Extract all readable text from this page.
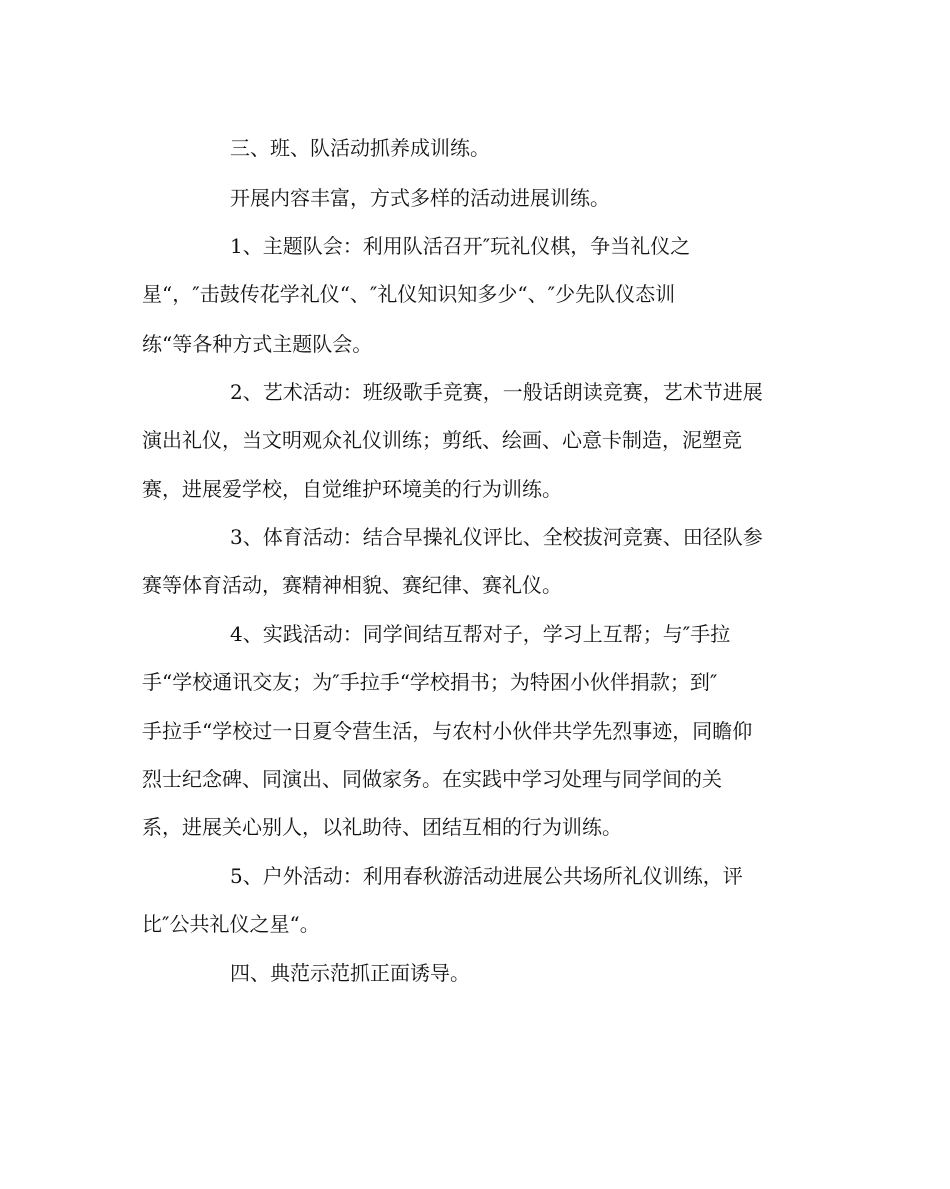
三、班、队活动抓养成训练。
开展内容丰富，方式多样的活动进展训练。
1、主题队会：利用队活召开″玩礼仪棋，争当礼仪之
星“，″击鼓传花学礼仪“、″礼仪知识知多少“、″少先队仪态训
练“等各种方式主题队会。
2、艺术活动：班级歌手竞赛，一般话朗读竞赛，艺术节进展
演出礼仪，当文明观众礼仪训练；剪纸、绘画、心意卡制造，泥塑竞
赛，进展爱学校，自觉维护环境美的行为训练。
3、体育活动：结合早操礼仪评比、全校拔河竞赛、田径队参
赛等体育活动，赛精神相貌、赛纪律、赛礼仪。
4、实践活动：同学间结互帮对子，学习上互帮；与″手拉
手“学校通讯交友；为″手拉手“学校捐书；为特困小伙伴捐款；到″
手拉手“学校过一日夏令营生活，与农村小伙伴共学先烈事迹，同瞻仰
烈士纪念碑、同演出、同做家务。在实践中学习处理与同学间的关
系，进展关心别人，以礼助待、团结互相的行为训练。
5、户外活动：利用春秋游活动进展公共场所礼仪训练，评
比″公共礼仪之星“。
四、典范示范抓正面诱导。
